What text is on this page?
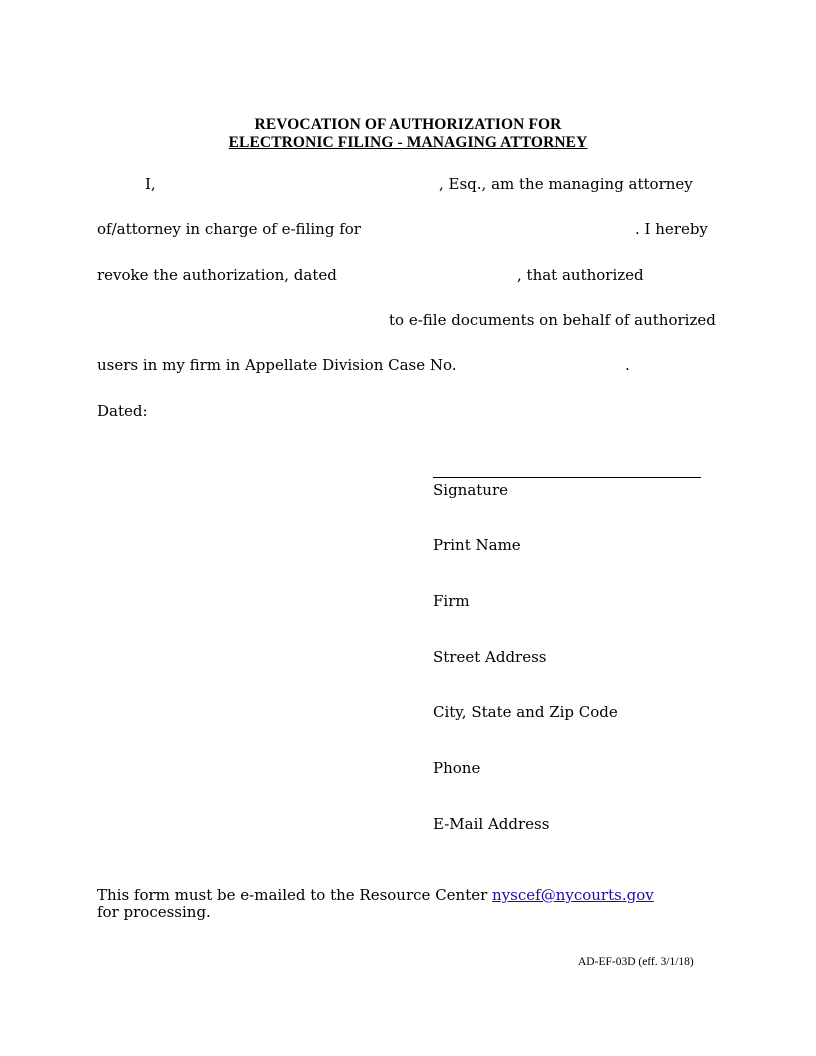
REVOCATION OF AUTHORIZATION FOR
ELECTRONIC FILING - MANAGING ATTORNEY
I,	, Esq., am the managing attorney
of/attorney in charge of e-filing for	. I hereby
revoke the authorization, dated	, that authorized
to e-file documents on behalf of authorized
users in my firm in Appellate Division Case No.	.
Dated:
Signature
Print Name
Firm
Street Address
City, State and Zip Code
Phone
E-Mail Address
This form must be e-mailed to the Resource Center nyscef@nycourts.gov for processing.
AD-EF-03D (eff. 3/1/18)
